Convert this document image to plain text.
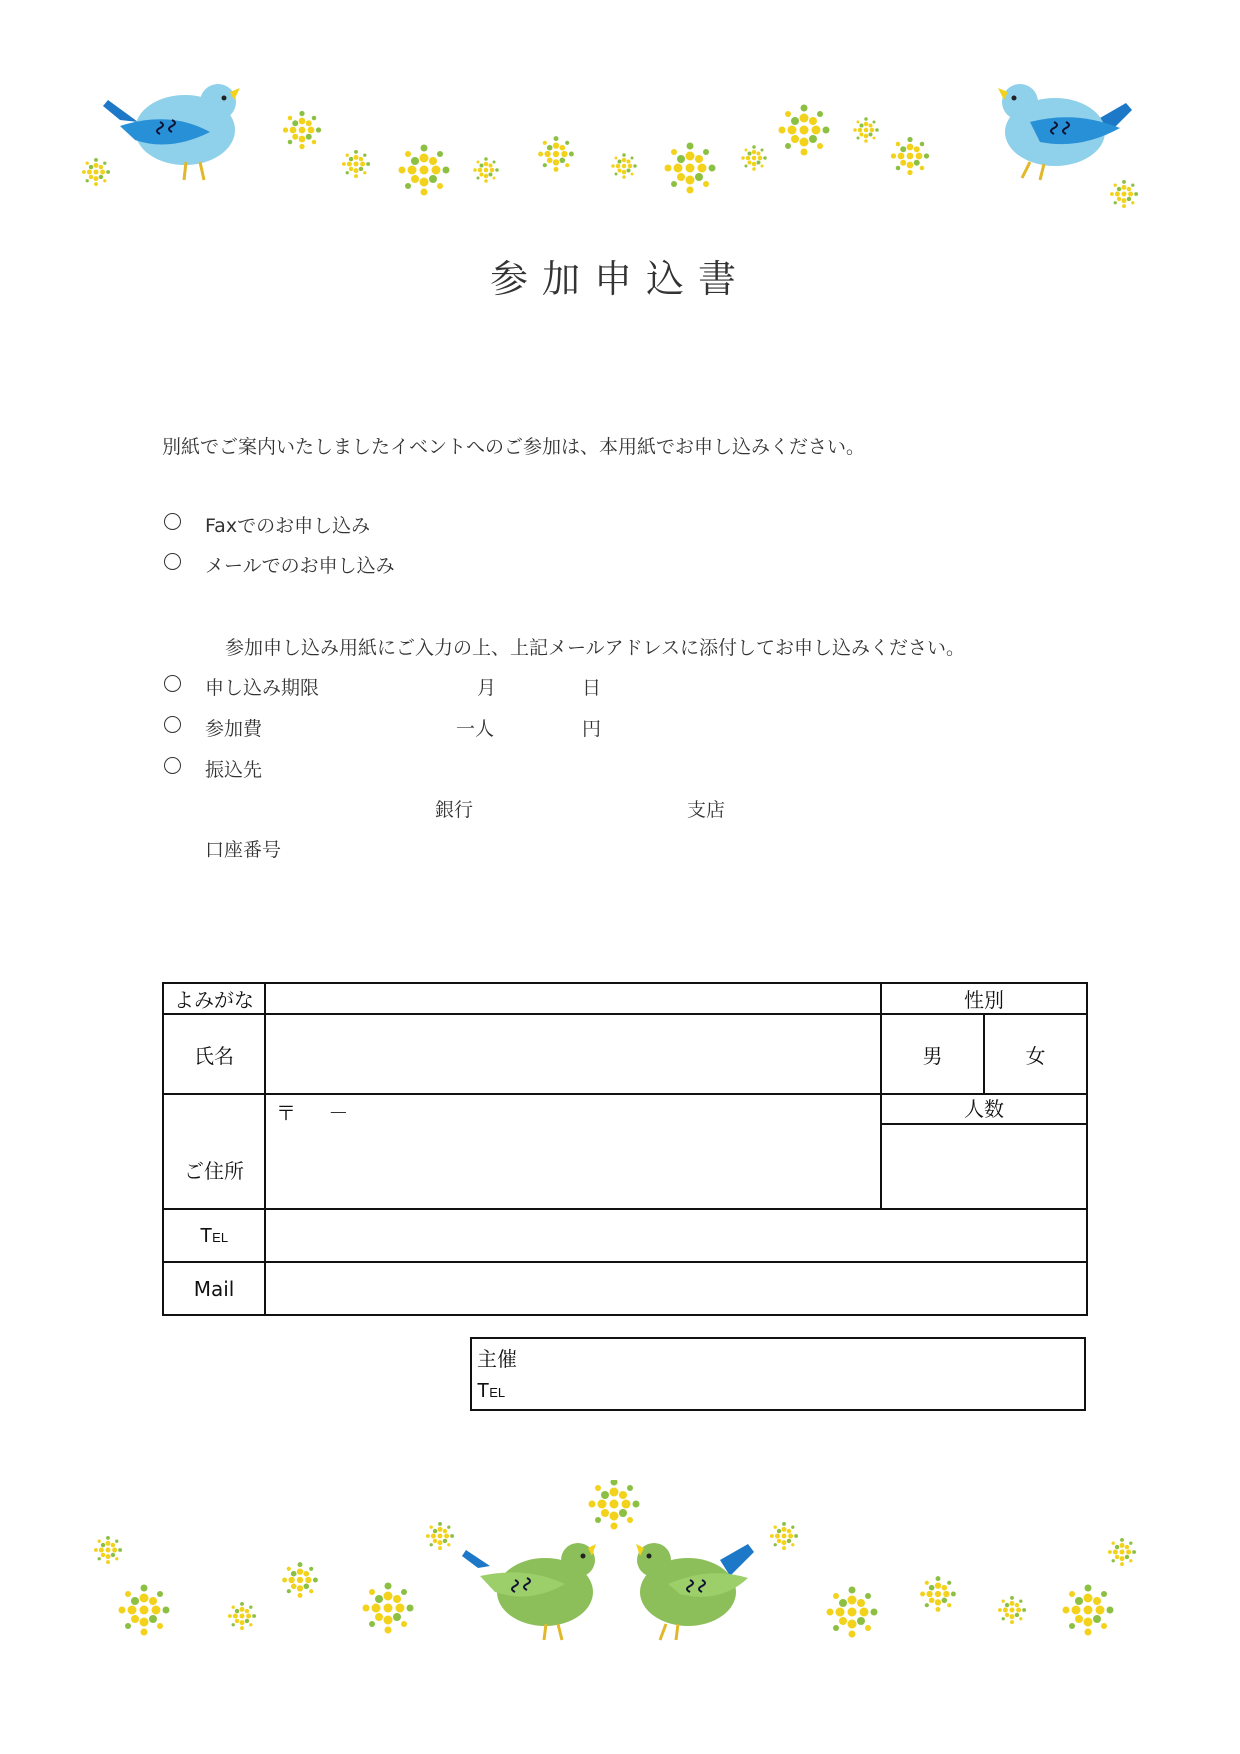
参加申込書
別紙でご案内いたしましたイベントへのご参加は、本用紙でお申し込みください。
Faxでのお申し込み
メールでのお申し込み
参加申し込み用紙にご入力の上、上記メールアドレスに添付してお申し込みください。
申し込み期限	月	日
参加費	一人	円
振込先
銀行	支店
口座番号
よみがな		性別	
氏名		男	女
ご住所	〒 －	人数	

TEL			
Mail			
主催
TEL
